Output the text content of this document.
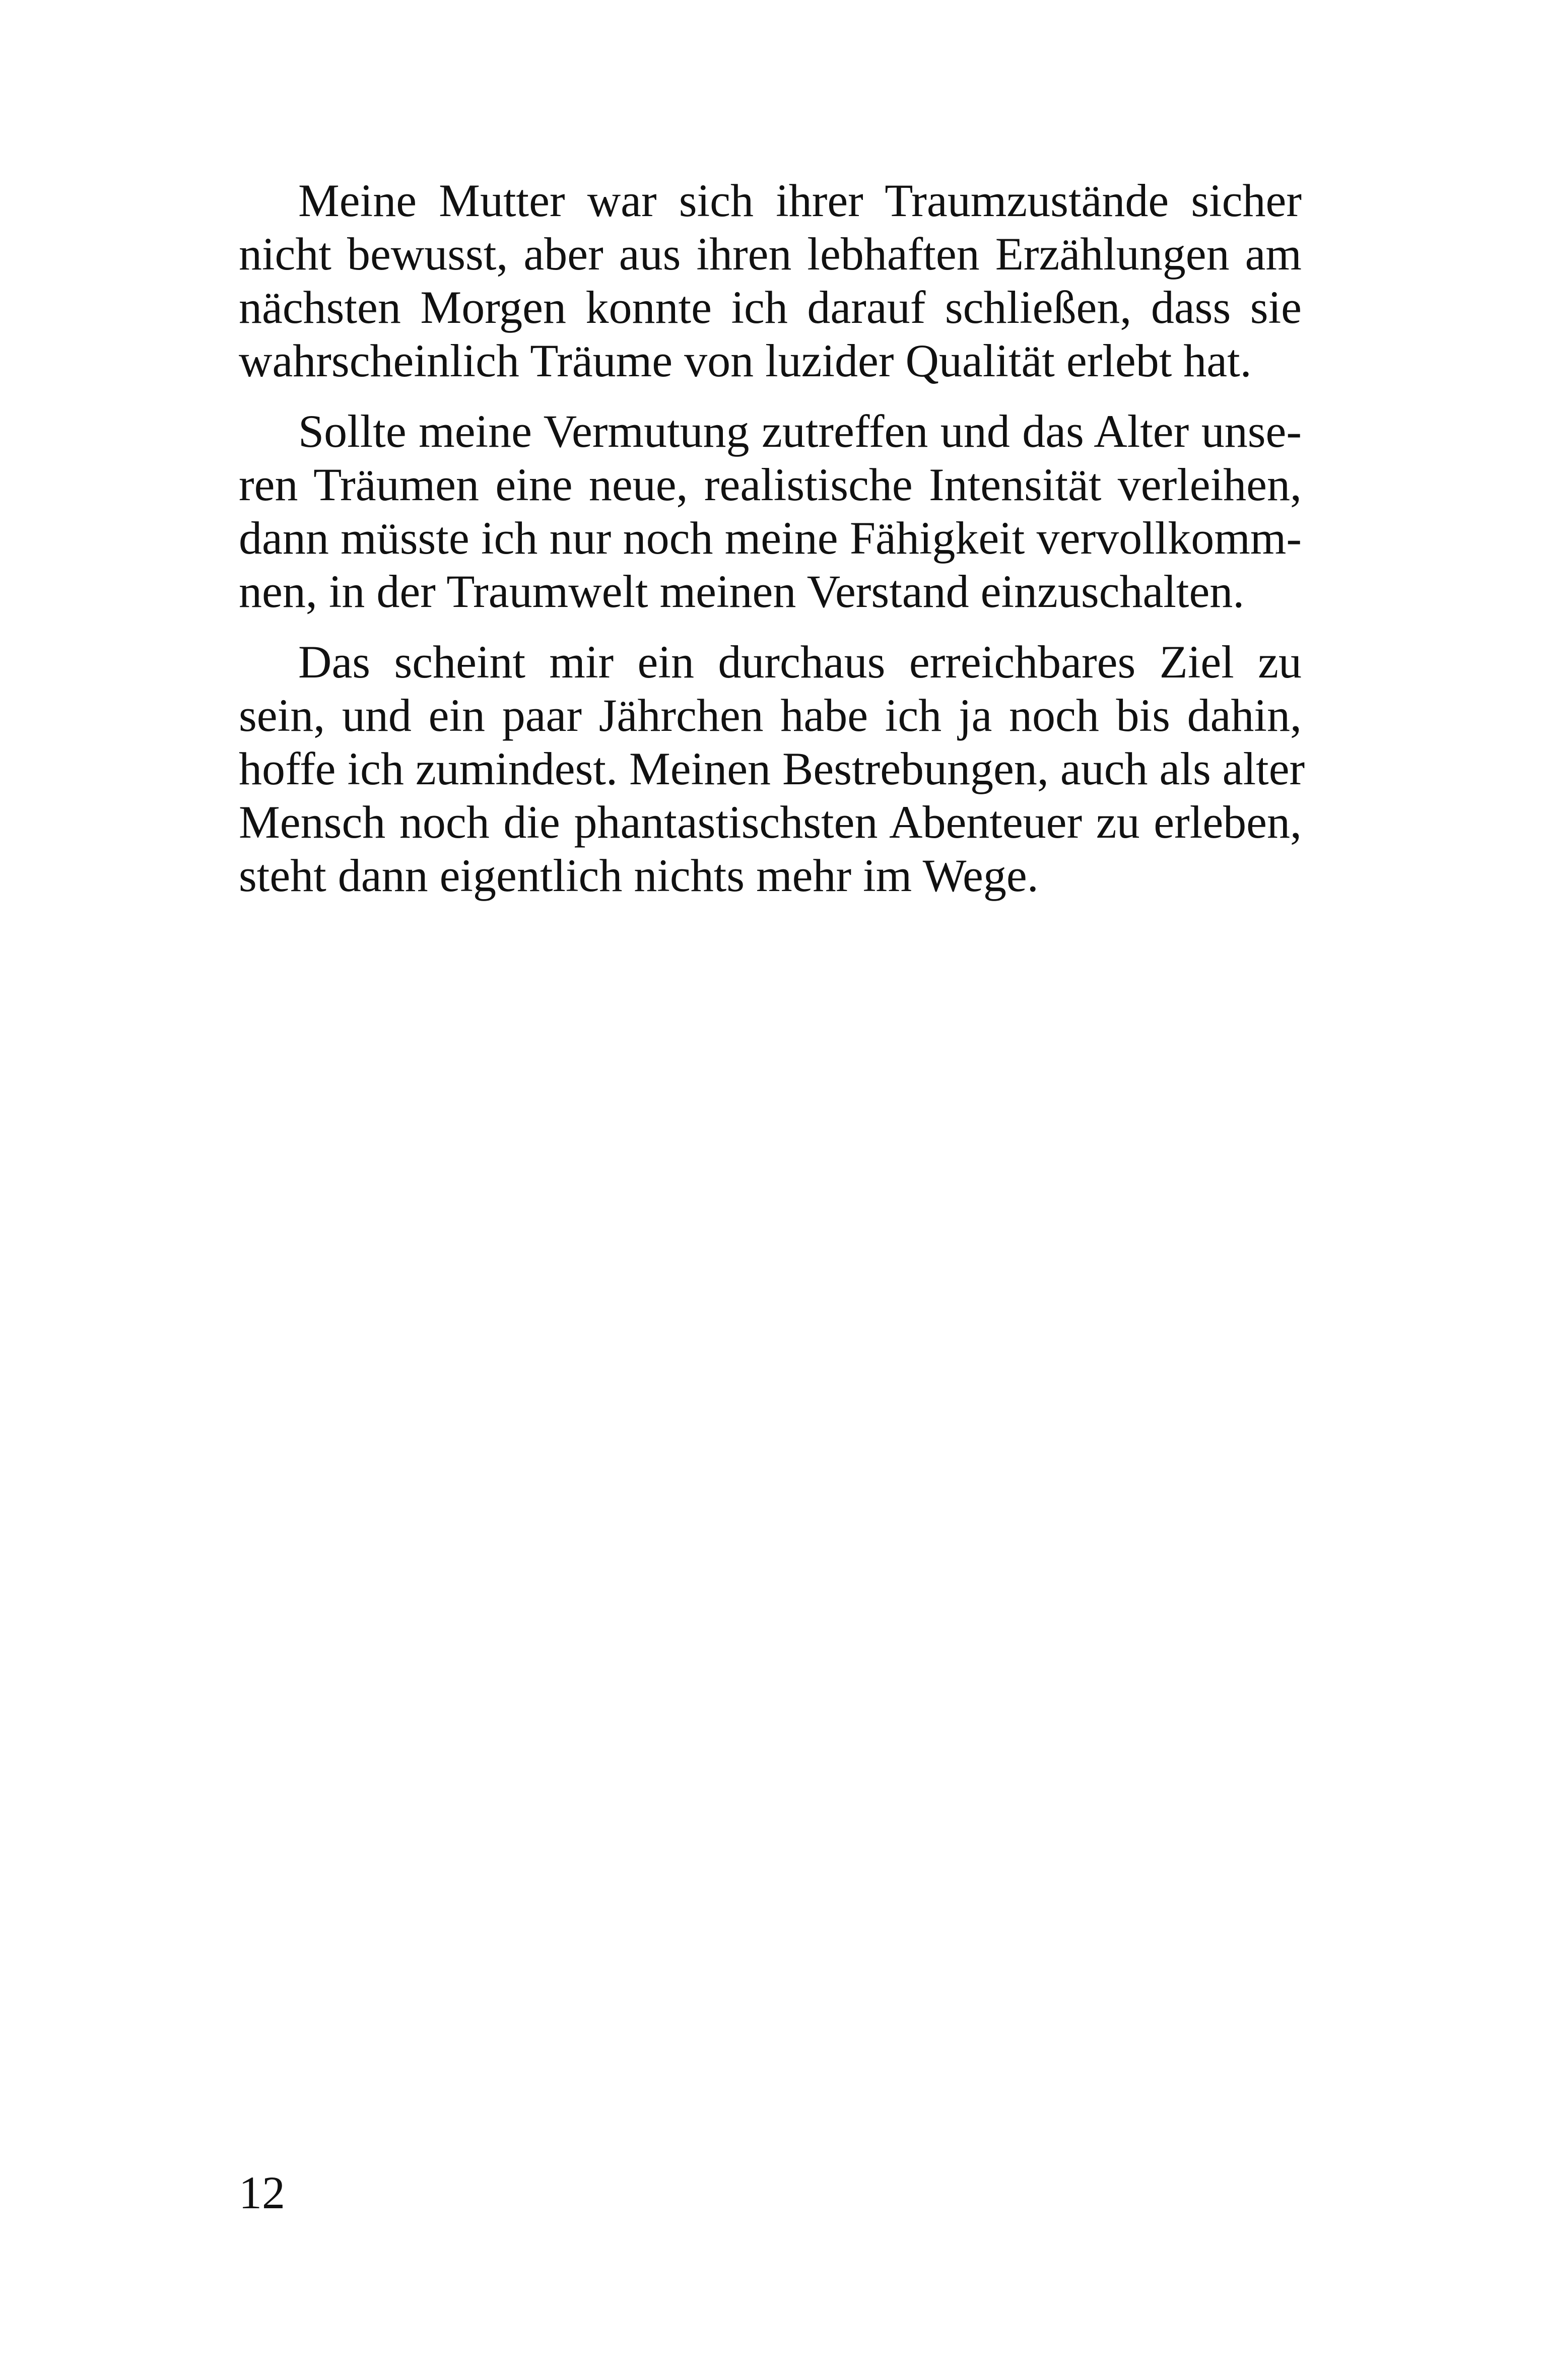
Meine Mutter war sich ihrer Traumzustände sicher
nicht bewusst, aber aus ihren lebhaften Erzählungen am
nächsten Morgen konnte ich darauf schließen, dass sie
wahrscheinlich Träume von luzider Qualität erlebt hat.
Sollte meine Vermutung zutreffen und das Alter unse-
ren Träumen eine neue, realistische Intensität verleihen,
dann müsste ich nur noch meine Fähigkeit vervollkomm-
nen, in der Traumwelt meinen Verstand einzuschalten.
Das scheint mir ein durchaus erreichbares Ziel zu
sein, und ein paar Jährchen habe ich ja noch bis dahin,
hoffe ich zumindest. Meinen Bestrebungen, auch als alter
Mensch noch die phantastischsten Abenteuer zu erleben,
steht dann eigentlich nichts mehr im Wege.
12
